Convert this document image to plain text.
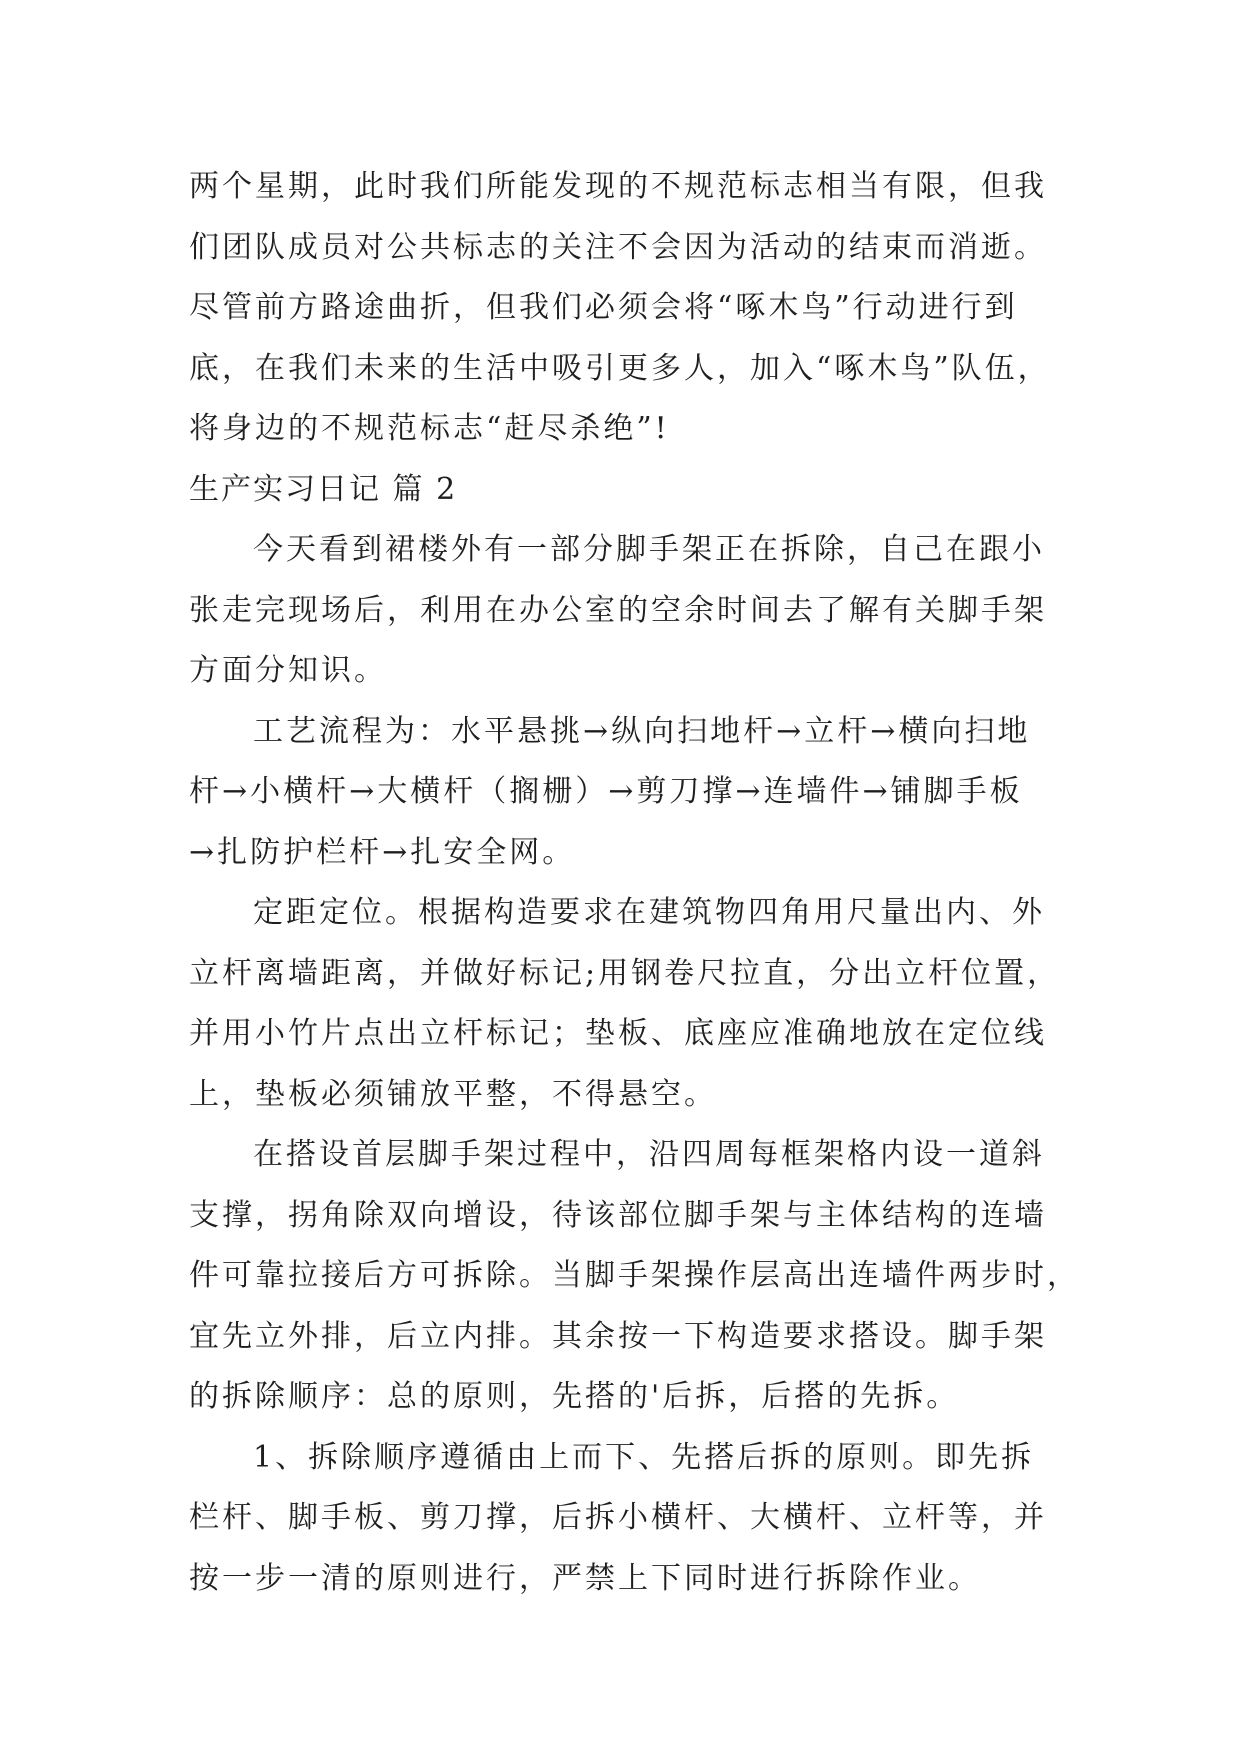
两个星期，此时我们所能发现的不规范标志相当有限，但我
们团队成员对公共标志的关注不会因为活动的结束而消逝。
尽管前方路途曲折，但我们必须会将“啄木鸟”行动进行到
底，在我们未来的生活中吸引更多人，加入“啄木鸟”队伍，
将身边的不规范标志“赶尽杀绝”!
生产实习日记 篇 2
今天看到裙楼外有一部分脚手架正在拆除，自己在跟小
张走完现场后，利用在办公室的空余时间去了解有关脚手架
方面分知识。
工艺流程为：水平悬挑→纵向扫地杆→立杆→横向扫地
杆→小横杆→大横杆（搁栅）→剪刀撑→连墙件→铺脚手板
→扎防护栏杆→扎安全网。
定距定位。根据构造要求在建筑物四角用尺量出内、外
立杆离墙距离，并做好标记;用钢卷尺拉直，分出立杆位置，
并用小竹片点出立杆标记；垫板、底座应准确地放在定位线
上，垫板必须铺放平整，不得悬空。
在搭设首层脚手架过程中，沿四周每框架格内设一道斜
支撑，拐角除双向增设，待该部位脚手架与主体结构的连墙
件可靠拉接后方可拆除。当脚手架操作层高出连墙件两步时，
宜先立外排，后立内排。其余按一下构造要求搭设。脚手架
的拆除顺序：总的原则，先搭的'后拆，后搭的先拆。
1、拆除顺序遵循由上而下、先搭后拆的原则。即先拆
栏杆、脚手板、剪刀撑，后拆小横杆、大横杆、立杆等，并
按一步一清的原则进行，严禁上下同时进行拆除作业。
